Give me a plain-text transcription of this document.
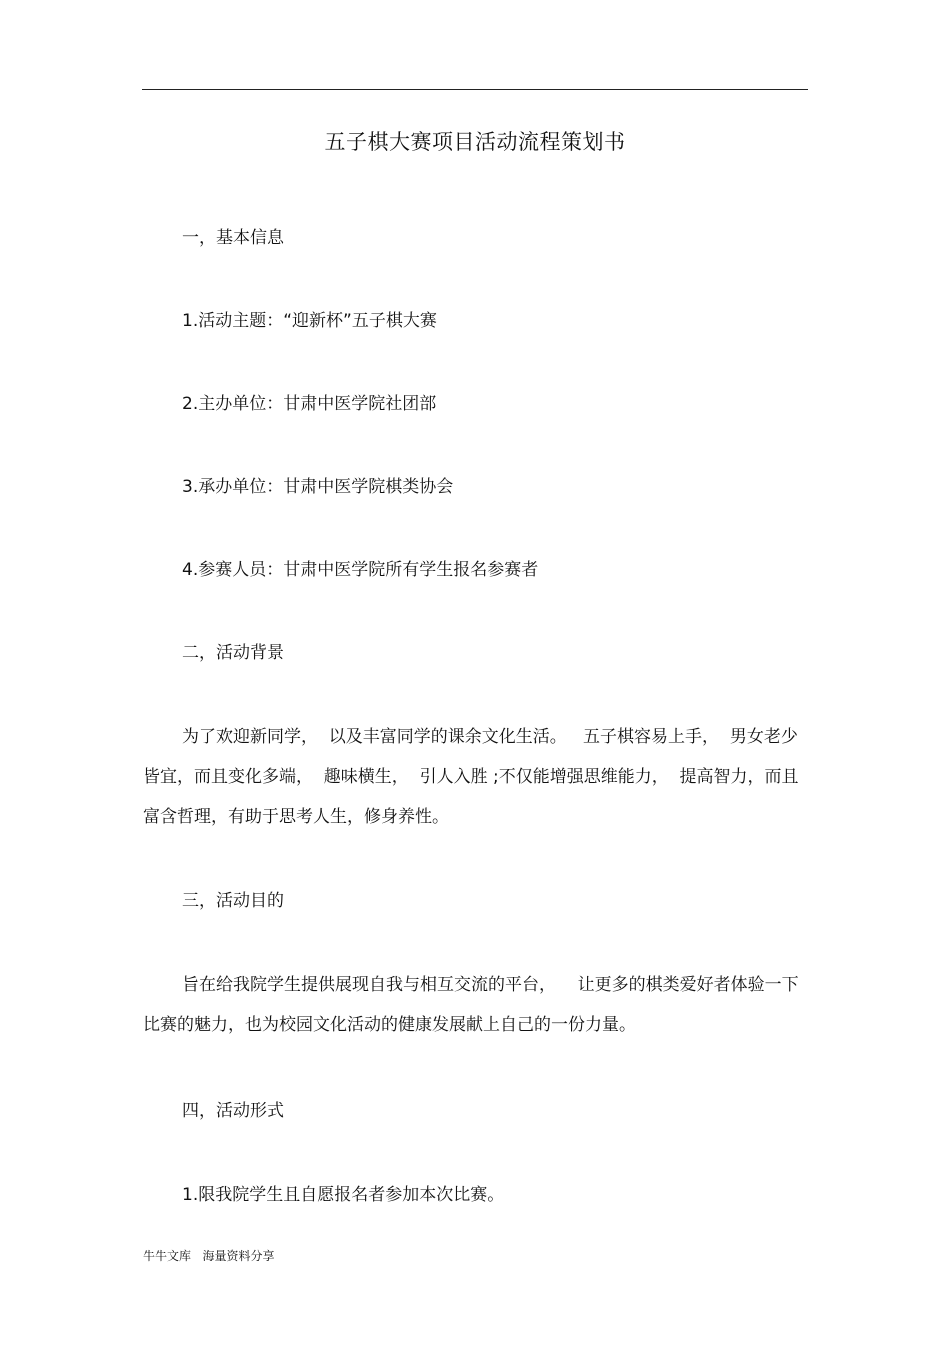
五子棋大赛项目活动流程策划书
一，基本信息
1.活动主题：“迎新杯”五子棋大赛
2.主办单位：甘肃中医学院社团部
3.承办单位：甘肃中医学院棋类协会
4.参赛人员：甘肃中医学院所有学生报名参赛者
二，活动背景
为了欢迎新同学，  以及丰富同学的课余文化生活。   五子棋容易上手，  男女老少皆宜，而且变化多端，  趣味横生，  引人入胜 ;不仅能增强思维能力，  提高智力，而且富含哲理，有助于思考人生，修身养性。
三，活动目的
旨在给我院学生提供展现自我与相互交流的平台，    让更多的棋类爱好者体验一下比赛的魅力，也为校园文化活动的健康发展献上自己的一份力量。
四，活动形式
1.限我院学生且自愿报名者参加本次比赛。
牛牛文库   海量资料分享
